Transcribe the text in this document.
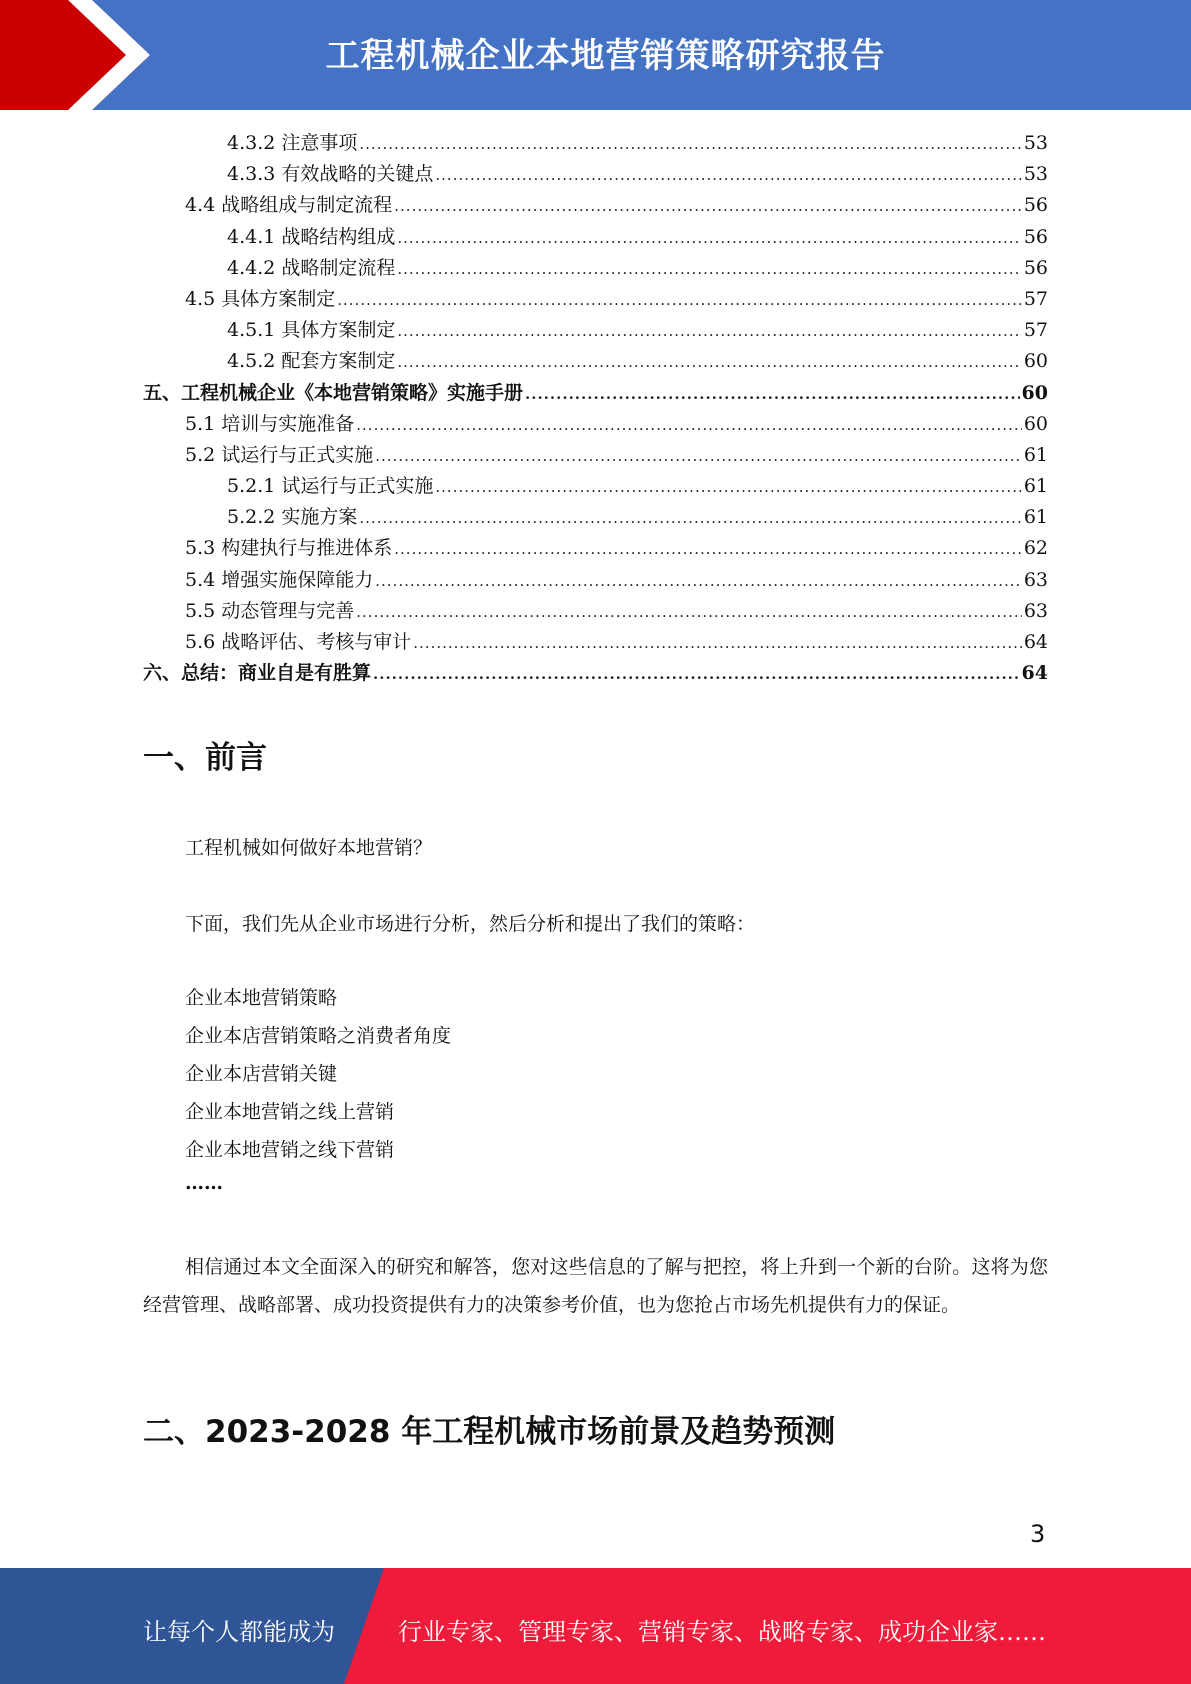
工程机械企业本地营销策略研究报告
4.3.2 注意事项 .....	53
4.3.3 有效战略的关键点 .....	53
4.4 战略组成与制定流程 .....	56
4.4.1 战略结构组成 .....	56
4.4.2 战略制定流程 .....	56
4.5 具体方案制定 .....	57
4.5.1 具体方案制定 .....	57
4.5.2 配套方案制定 .....	60
五、工程机械企业《本地营销策略》实施手册 .....	60
5.1 培训与实施准备 .....	60
5.2 试运行与正式实施 .....	61
5.2.1 试运行与正式实施 .....	61
5.2.2 实施方案 .....	61
5.3 构建执行与推进体系 .....	62
5.4 增强实施保障能力 .....	63
5.5 动态管理与完善 .....	63
5.6 战略评估、考核与审计 .....	64
六、总结：商业自是有胜算 .....	64
一、前言

工程机械如何做好本地营销？

下面，我们先从企业市场进行分析，然后分析和提出了我们的策略：

企业本地营销策略
企业本店营销策略之消费者角度
企业本店营销关键
企业本地营销之线上营销
企业本地营销之线下营销
……

相信通过本文全面深入的研究和解答，您对这些信息的了解与把控，将上升到一个新的台阶。这将为您经营管理、战略部署、成功投资提供有力的决策参考价值，也为您抢占市场先机提供有力的保证。

二、2023-2028 年工程机械市场前景及趋势预测
3
让每个人都能成为	行业专家、管理专家、营销专家、战略专家、成功企业家……
